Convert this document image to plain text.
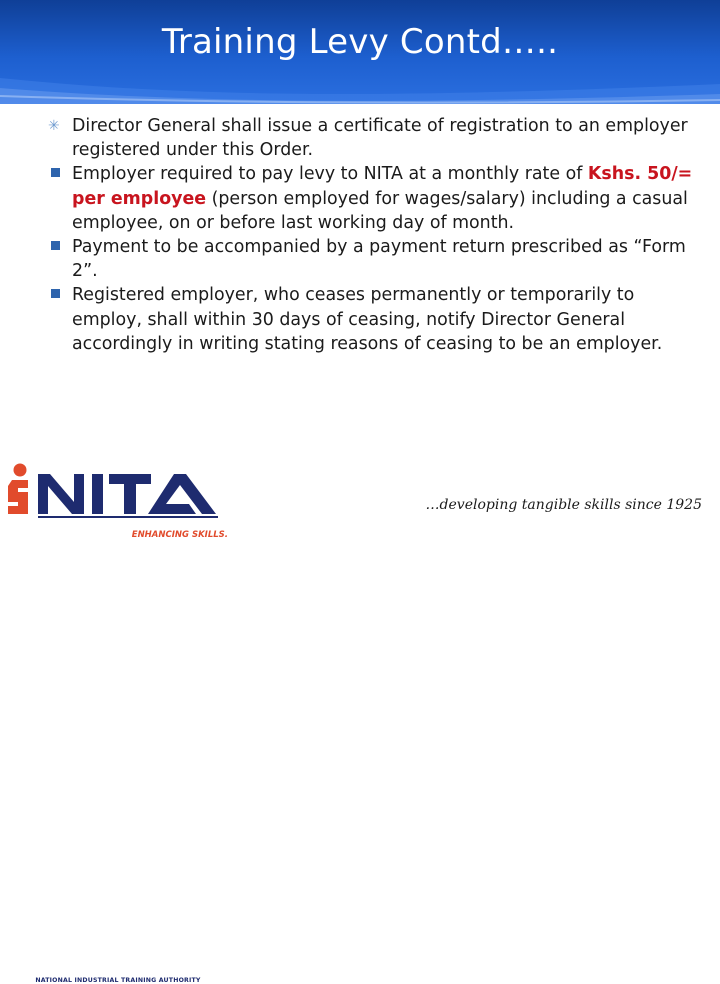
Training Levy Contd…..
✳ Director General shall issue a certificate of registration to an employer registered under this Order.
Employer required to pay levy to NITA at a monthly rate of Kshs. 50/= per employee (person employed for wages/salary) including a casual employee, on or before last working day of month.
Payment to be accompanied by a payment return prescribed as “Form 2”.
Registered employer, who ceases permanently or temporarily to employ, shall within 30 days of ceasing, notify Director General accordingly in writing stating reasons of ceasing to be an employer.
NATIONAL INDUSTRIAL TRAINING AUTHORITY
ENHANCING SKILLS.
…developing tangible skills since 1925
